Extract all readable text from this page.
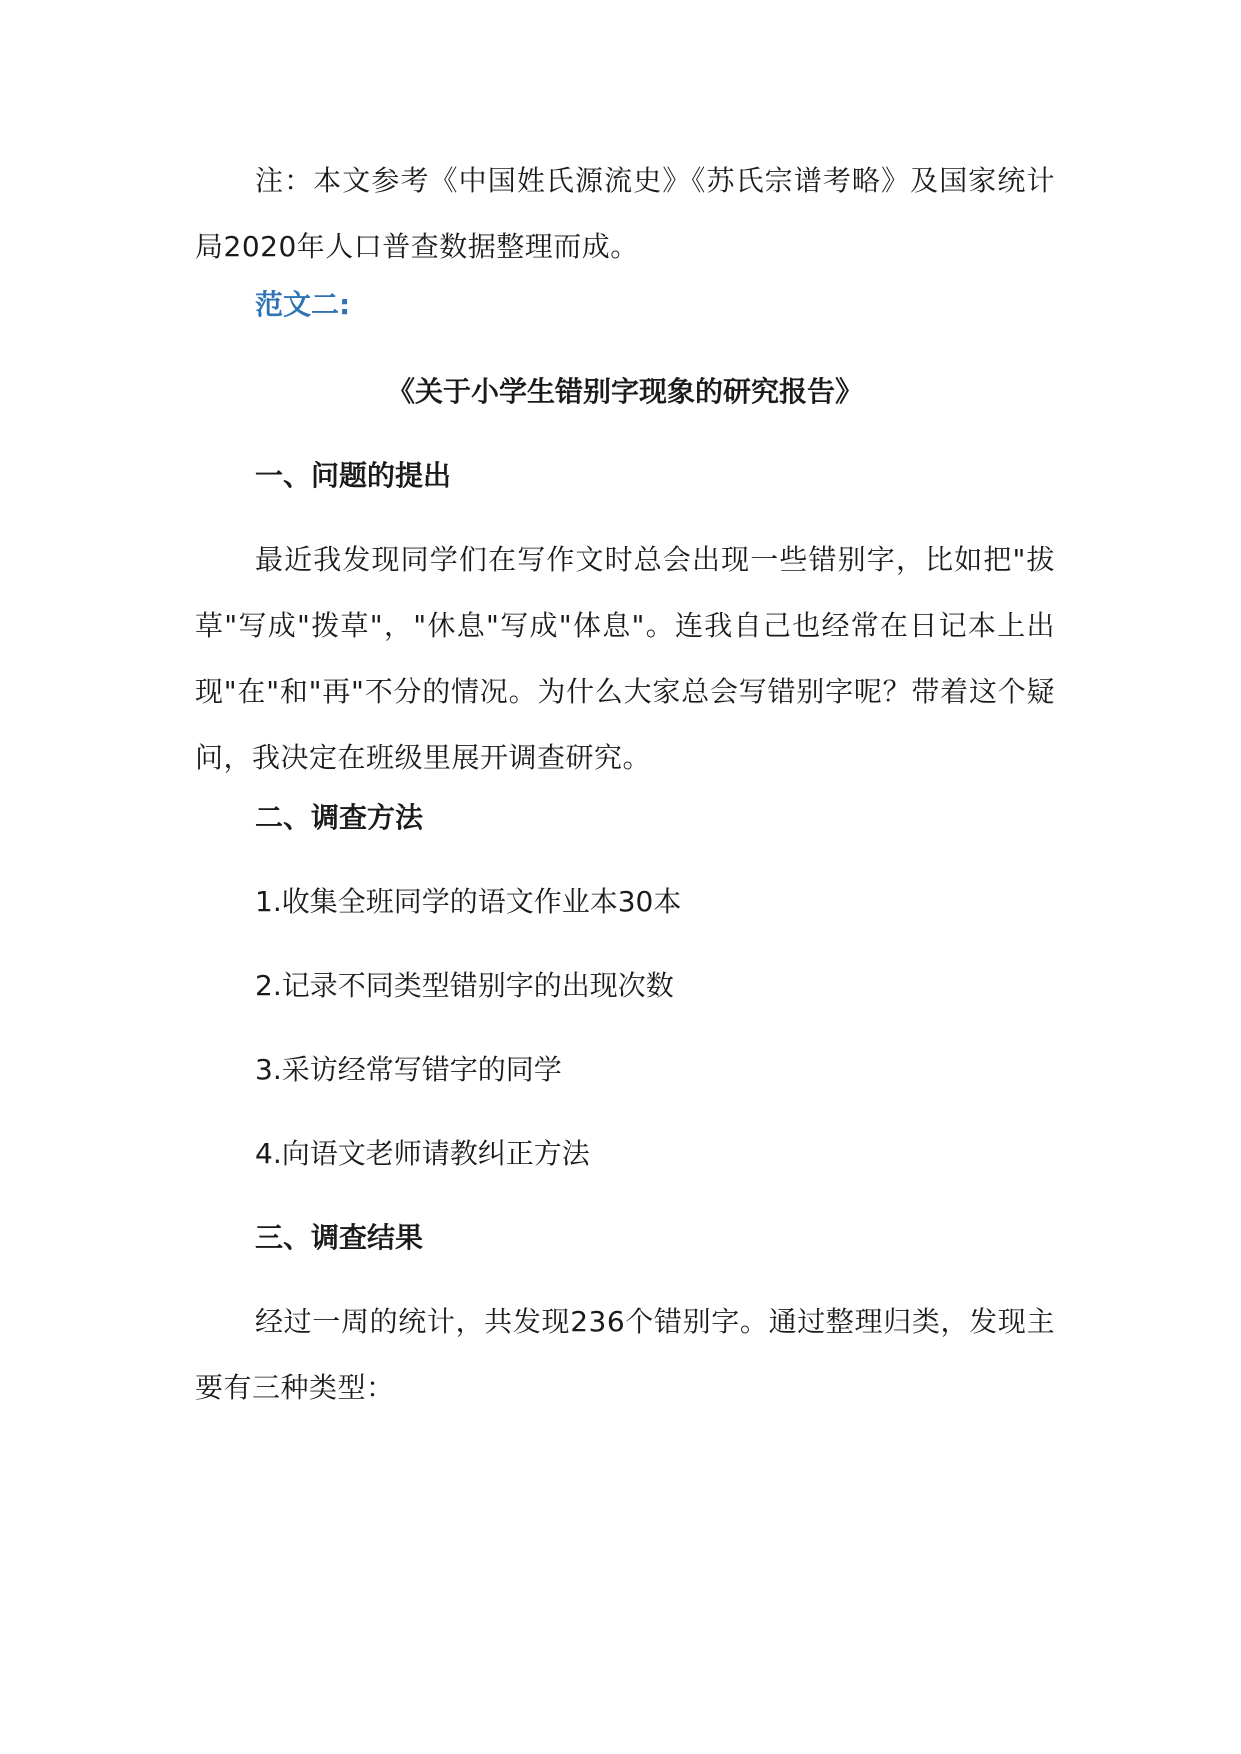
注：本文参考《中国姓氏源流史》《苏氏宗谱考略》及国家统计局2020年人口普查数据整理而成。

范文二:

《关于小学生错别字现象的研究报告》

一、问题的提出

最近我发现同学们在写作文时总会出现一些错别字，比如把"拔草"写成"拨草"，"休息"写成"体息"。连我自己也经常在日记本上出现"在"和"再"不分的情况。为什么大家总会写错别字呢？带着这个疑问，我决定在班级里展开调查研究。

二、调查方法

1.收集全班同学的语文作业本30本

2.记录不同类型错别字的出现次数

3.采访经常写错字的同学

4.向语文老师请教纠正方法

三、调查结果

经过一周的统计，共发现236个错别字。通过整理归类，发现主要有三种类型：
